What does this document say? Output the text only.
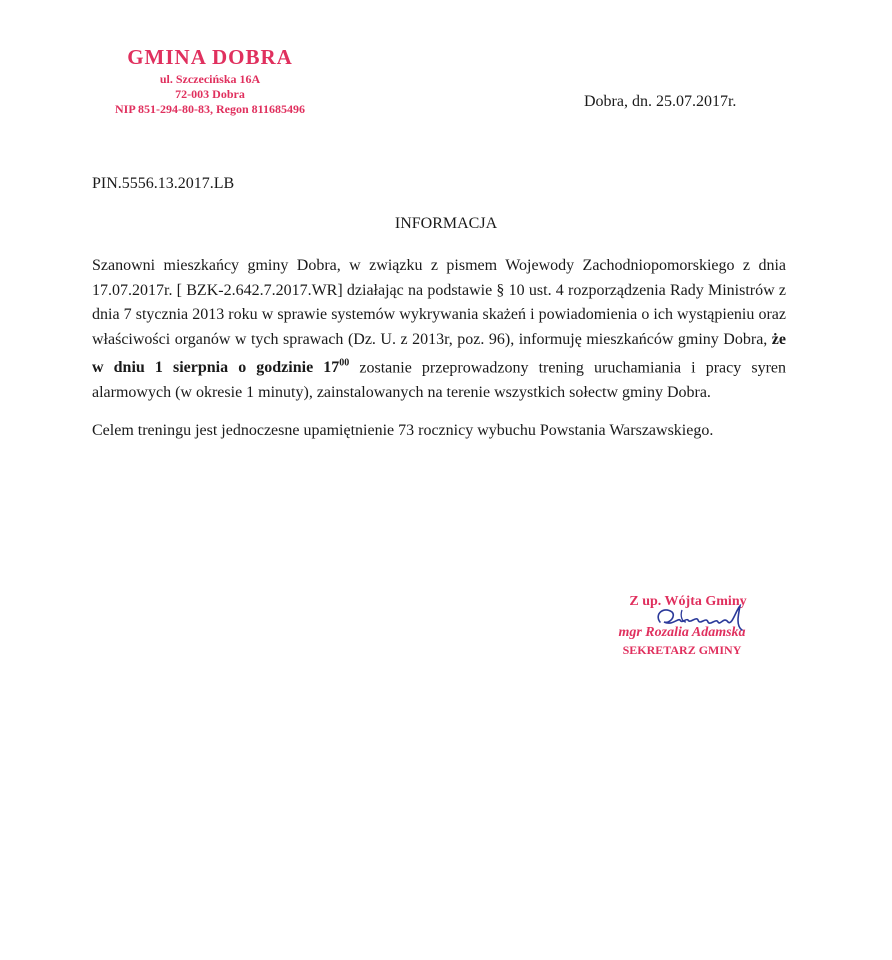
GMINA DOBRA
ul. Szczecińska 16A
72-003 Dobra
NIP 851-294-80-83, Regon 811685496	Dobra, dn. 25.07.2017r.
PIN.5556.13.2017.LB
INFORMACJA

Szanowni mieszkańcy gminy Dobra, w związku z pismem Wojewody Zachodniopomorskiego z dnia 17.07.2017r. [ BZK-2.642.7.2017.WR] działając na podstawie § 10 ust. 4 rozporządzenia Rady Ministrów z dnia 7 stycznia 2013 roku w sprawie systemów wykrywania skażeń i powiadomienia o ich wystąpieniu oraz właściwości organów w tych sprawach (Dz. U. z 2013r, poz. 96), informuję mieszkańców gminy Dobra, że w dniu 1 sierpnia o godzinie $17^{00}$ zostanie przeprowadzony trening uruchamiania i pracy syren alarmowych (w okresie 1 minuty), zainstalowanych na terenie wszystkich sołectw gminy Dobra.

Celem treningu jest jednoczesne upamiętnienie 73 rocznicy wybuchu Powstania Warszawskiego.

Z up. Wójta Gminy
mgr Rozalia Adamska
SEKRETARZ GMINY
